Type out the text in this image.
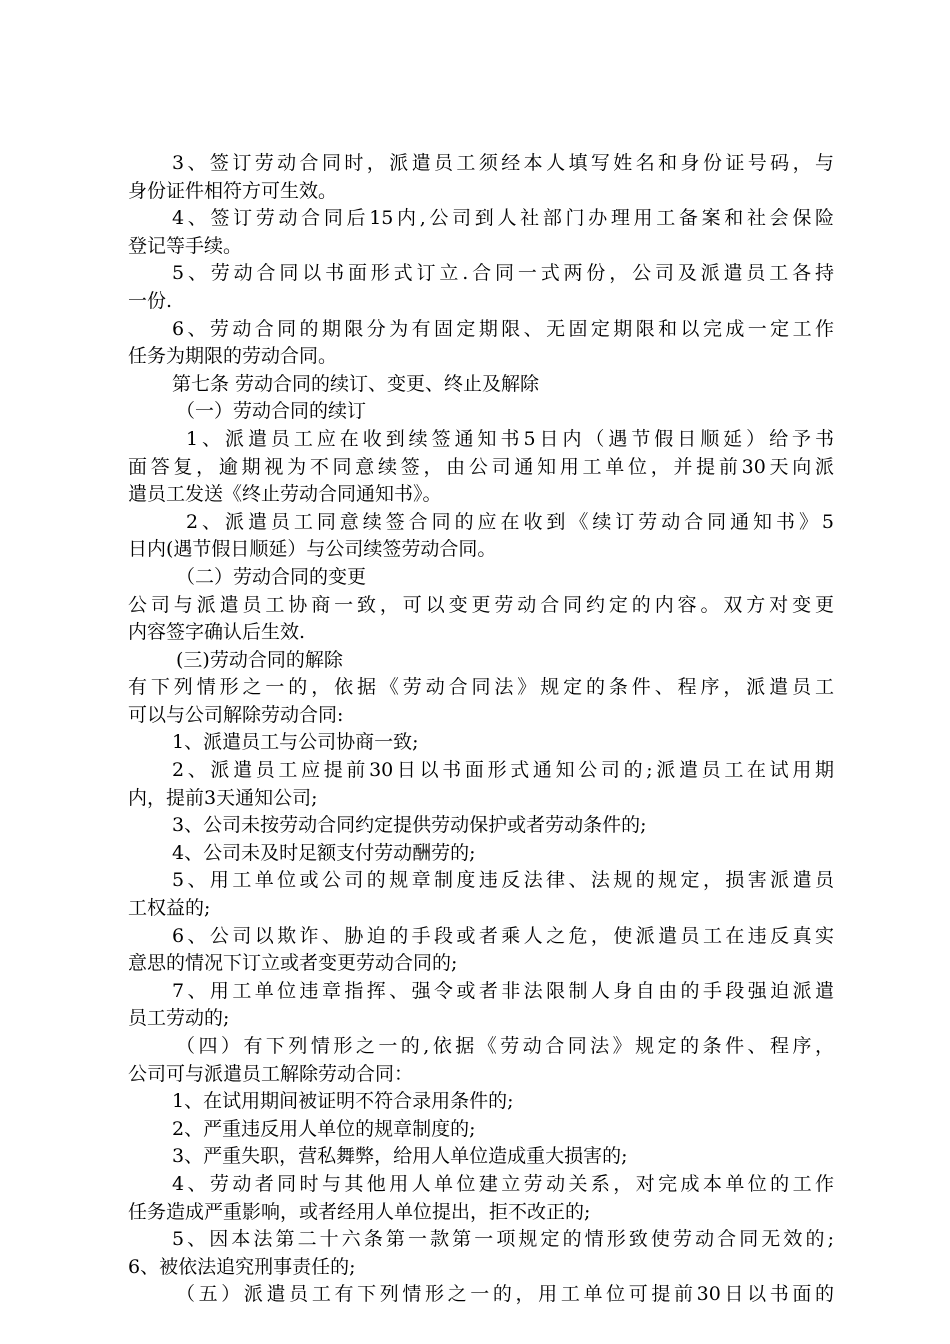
3、签订劳动合同时，派遣员工须经本人填写姓名和身份证号码，与
身份证件相符方可生效。
4、签订劳动合同后15内,公司到人社部门办理用工备案和社会保险
登记等手续。
5、劳动合同以书面形式订立.合同一式两份，公司及派遣员工各持
一份.
6、劳动合同的期限分为有固定期限、无固定期限和以完成一定工作
任务为期限的劳动合同。
第七条 劳动合同的续订、变更、终止及解除
（一）劳动合同的续订
1、派遣员工应在收到续签通知书5日内（遇节假日顺延）给予书
面答复，逾期视为不同意续签，由公司通知用工单位，并提前30天向派
遣员工发送《终止劳动合同通知书》。
2、派遣员工同意续签合同的应在收到《续订劳动合同通知书》5
日内(遇节假日顺延）与公司续签劳动合同。
（二）劳动合同的变更
公司与派遣员工协商一致，可以变更劳动合同约定的内容。双方对变更
内容签字确认后生效.
(三)劳动合同的解除
有下列情形之一的，依据《劳动合同法》规定的条件、程序，派遣员工
可以与公司解除劳动合同:
1、派遣员工与公司协商一致;
2、派遣员工应提前30日以书面形式通知公司的;派遣员工在试用期
内，提前3天通知公司;
3、公司未按劳动合同约定提供劳动保护或者劳动条件的;
4、公司未及时足额支付劳动酬劳的;
5、用工单位或公司的规章制度违反法律、法规的规定，损害派遣员
工权益的;
6、公司以欺诈、胁迫的手段或者乘人之危，使派遣员工在违反真实
意思的情况下订立或者变更劳动合同的;
7、用工单位违章指挥、强令或者非法限制人身自由的手段强迫派遣
员工劳动的;
（四）有下列情形之一的,依据《劳动合同法》规定的条件、程序，
公司可与派遣员工解除劳动合同：
1、在试用期间被证明不符合录用条件的;
2、严重违反用人单位的规章制度的;
3、严重失职，营私舞弊，给用人单位造成重大损害的;
4、劳动者同时与其他用人单位建立劳动关系，对完成本单位的工作
任务造成严重影响，或者经用人单位提出，拒不改正的;
5、因本法第二十六条第一款第一项规定的情形致使劳动合同无效的;
6、被依法追究刑事责任的;
（五）派遣员工有下列情形之一的，用工单位可提前30日以书面的
